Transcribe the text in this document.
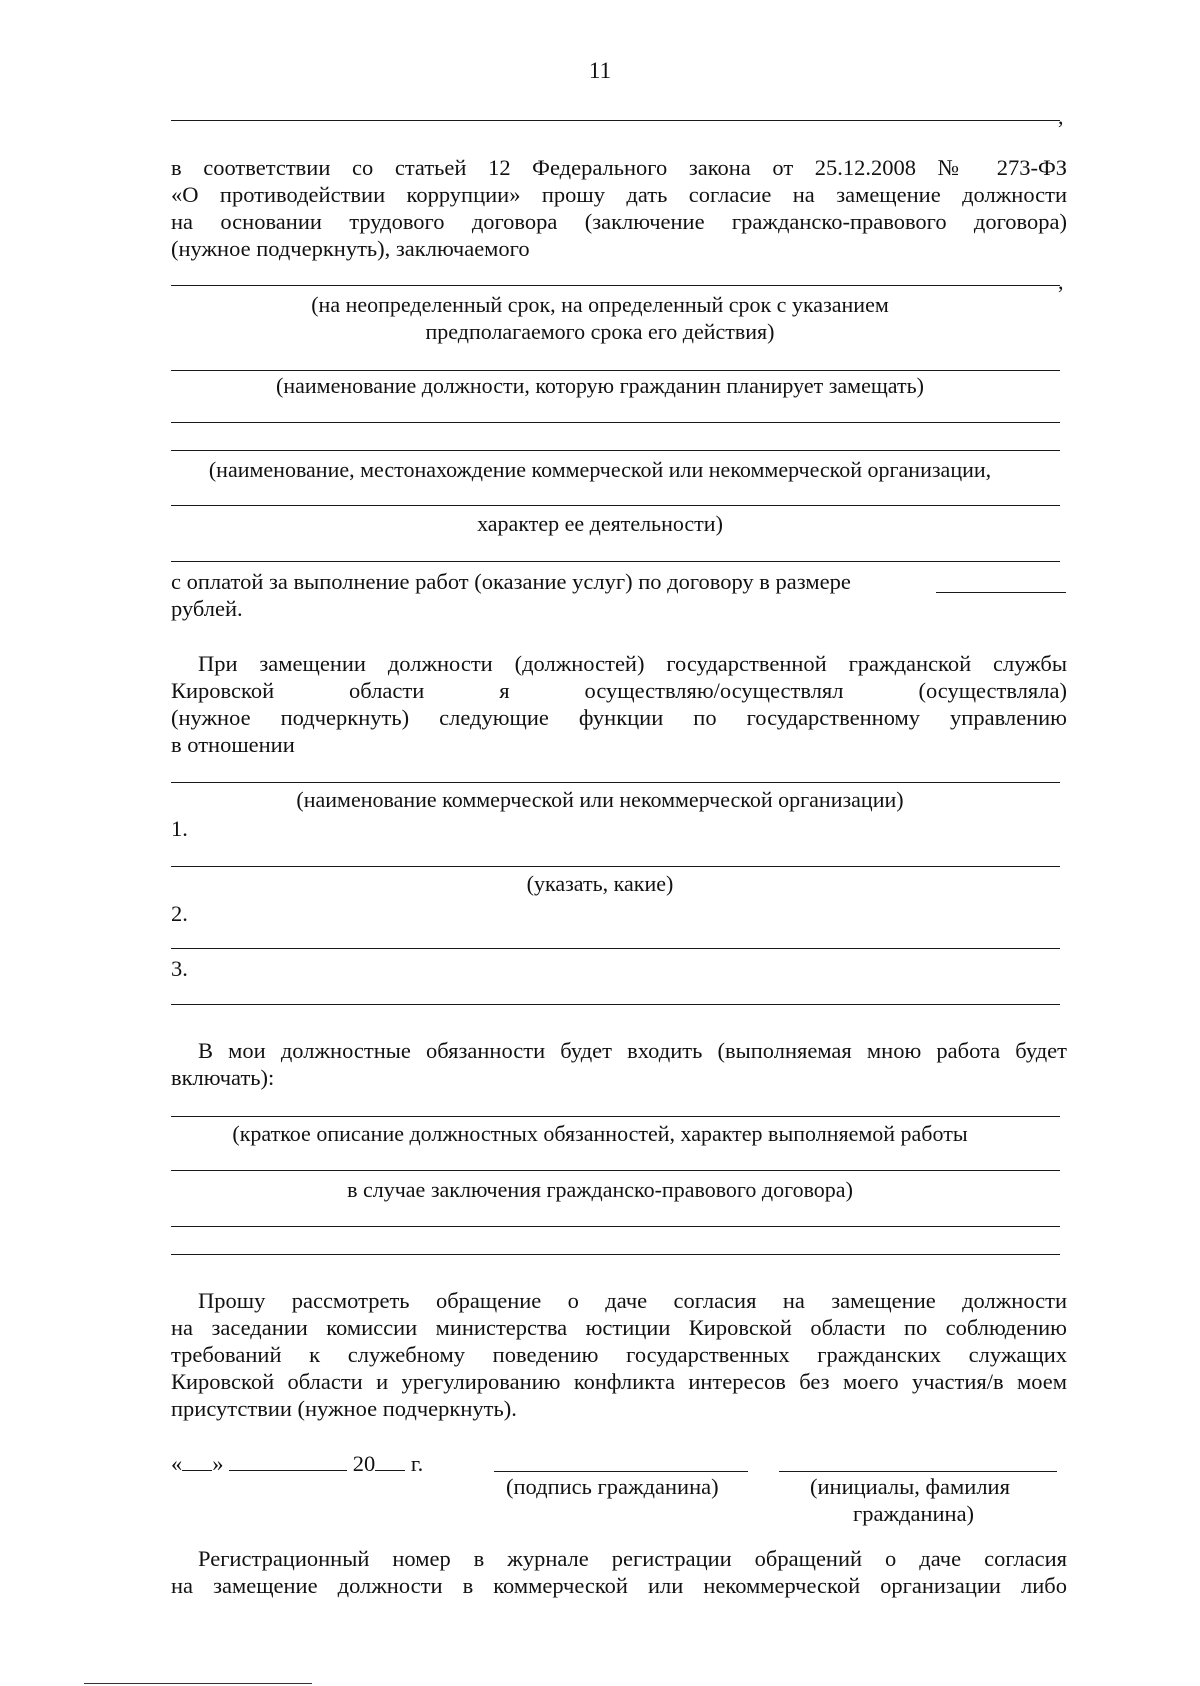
11
,
в соответствии со статьей 12 Федерального закона от 25.12.2008 № 273-ФЗ
«О противодействии коррупции» прошу дать согласие на замещение должности
на основании трудового договора (заключение гражданско-правового договора)
(нужное подчеркнуть), заключаемого
,
(на неопределенный срок, на определенный срок с указанием
предполагаемого срока его действия)
(наименование должности, которую гражданин планирует замещать)
(наименование, местонахождение коммерческой или некоммерческой организации,
характер ее деятельности)
с оплатой за выполнение работ (оказание услуг) по договору в размере
рублей.
При замещении должности (должностей) государственной гражданской службы
Кировской области я осуществляю/осуществлял (осуществляла)
(нужное подчеркнуть) следующие функции по государственному управлению
в отношении
(наименование коммерческой или некоммерческой организации)
1.
(указать, какие)
2.
3.
В мои должностные обязанности будет входить (выполняемая мною работа будет
включать):
(краткое описание должностных обязанностей, характер выполняемой работы
в случае заключения гражданско-правового договора)
Прошу рассмотреть обращение о даче согласия на замещение должности
на заседании комиссии министерства юстиции Кировской области по соблюдению
требований к служебному поведению государственных гражданских служащих
Кировской области и урегулированию конфликта интересов без моего участия/в моем
присутствии (нужное подчеркнуть).
« »	20 г.
(подпись гражданина)	(инициалы, фамилия
гражданина)
Регистрационный номер в журнале регистрации обращений о даче согласия
на замещение должности в коммерческой или некоммерческой организации либо
